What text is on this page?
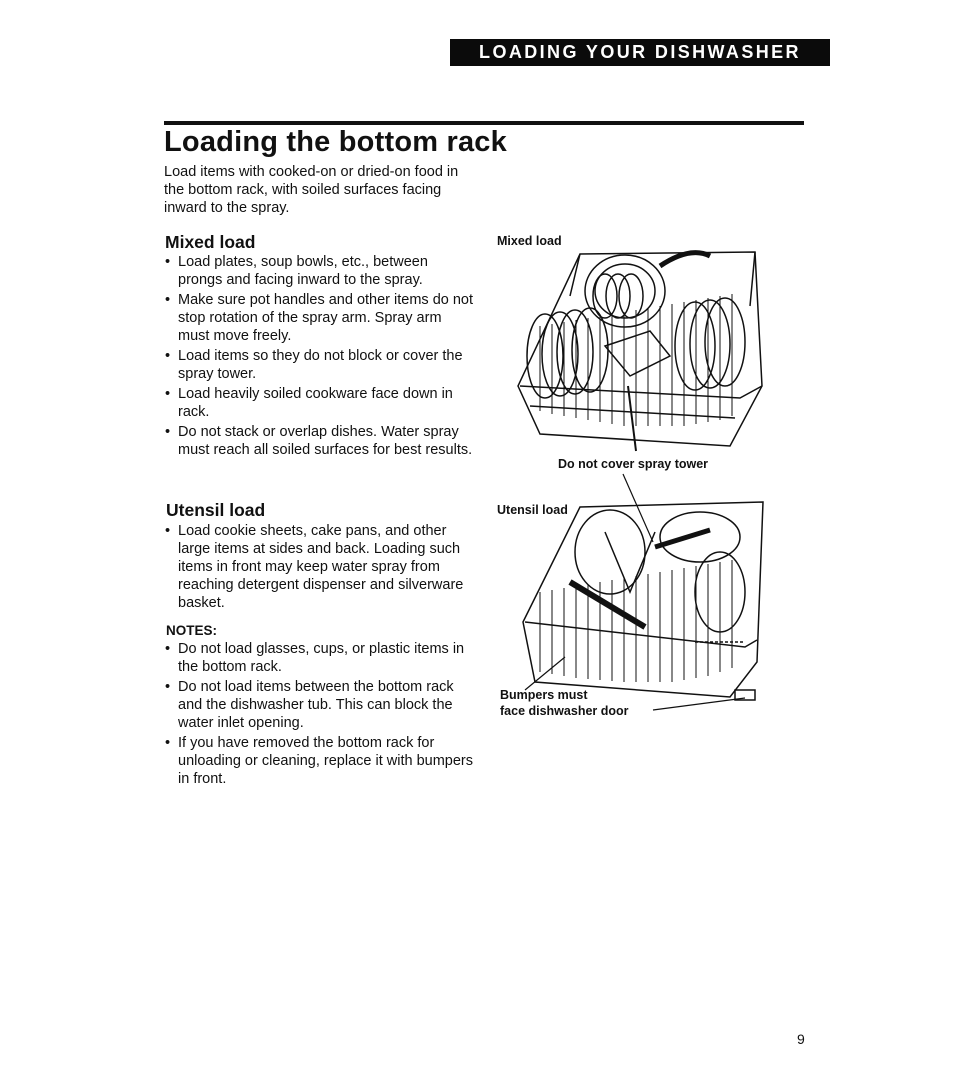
LOADING YOUR DISHWASHER
Loading the bottom rack

Load items with cooked-on or dried-on food in the bottom rack, with soiled surfaces facing inward to the spray.

Mixed load
• Load plates, soup bowls, etc., between prongs and facing inward to the spray.
• Make sure pot handles and other items do not stop rotation of the spray arm. Spray arm must move freely.
• Load items so they do not block or cover the spray tower.
• Load heavily soiled cookware face down in rack.
• Do not stack or overlap dishes. Water spray must reach all soiled surfaces for best results.
Utensil load
• Load cookie sheets, cake pans, and other large items at sides and back. Loading such items in front may keep water spray from reaching detergent dispenser and silverware basket.

NOTES:

• Do not load glasses, cups, or plastic items in the bottom rack.
• Do not load items between the bottom rack and the dishwasher tub. This can block the water inlet opening.
• If you have removed the bottom rack for unloading or cleaning, replace it with bumpers in front.

Mixed load

Do not cover spray tower

Utensil load

Bumpers must

face dishwasher door

9
